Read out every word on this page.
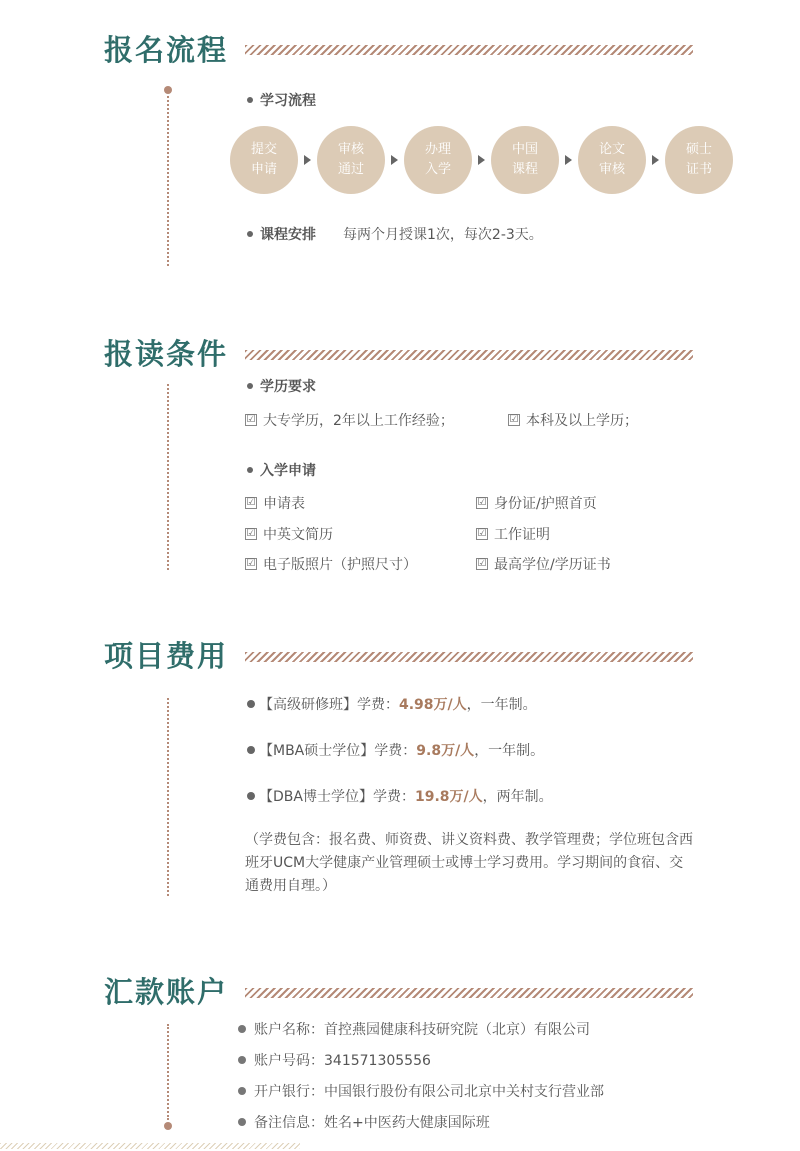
报名流程
学习流程
提交
申请
审核
通过
办理
入学
中国
课程
论文
审核
硕士
证书
课程安排 每两个月授课1次，每次2-3天。
报读条件
学历要求
☑ 大专学历，2年以上工作经验；	☑ 本科及以上学历；
入学申请
☑ 申请表
☑ 中英文简历
☑ 电子版照片（护照尺寸）
☑ 身份证/护照首页
☑ 工作证明
☑ 最高学位/学历证书
项目费用
【高级研修班】学费： 4.98万/人 ，一年制。
【MBA硕士学位】学费： 9.8万/人 ，一年制。
【DBA博士学位】学费： 19.8万/人 ，两年制。
（学费包含：报名费、师资费、讲义资料费、教学管理费；学位班包含西班牙UCM大学健康产业管理硕士或博士学习费用。学习期间的食宿、交通费用自理。）
汇款账户
账户名称：首控燕园健康科技研究院（北京）有限公司
账户号码：341571305556
开户银行：中国银行股份有限公司北京中关村支行营业部
备注信息：姓名+中医药大健康国际班
